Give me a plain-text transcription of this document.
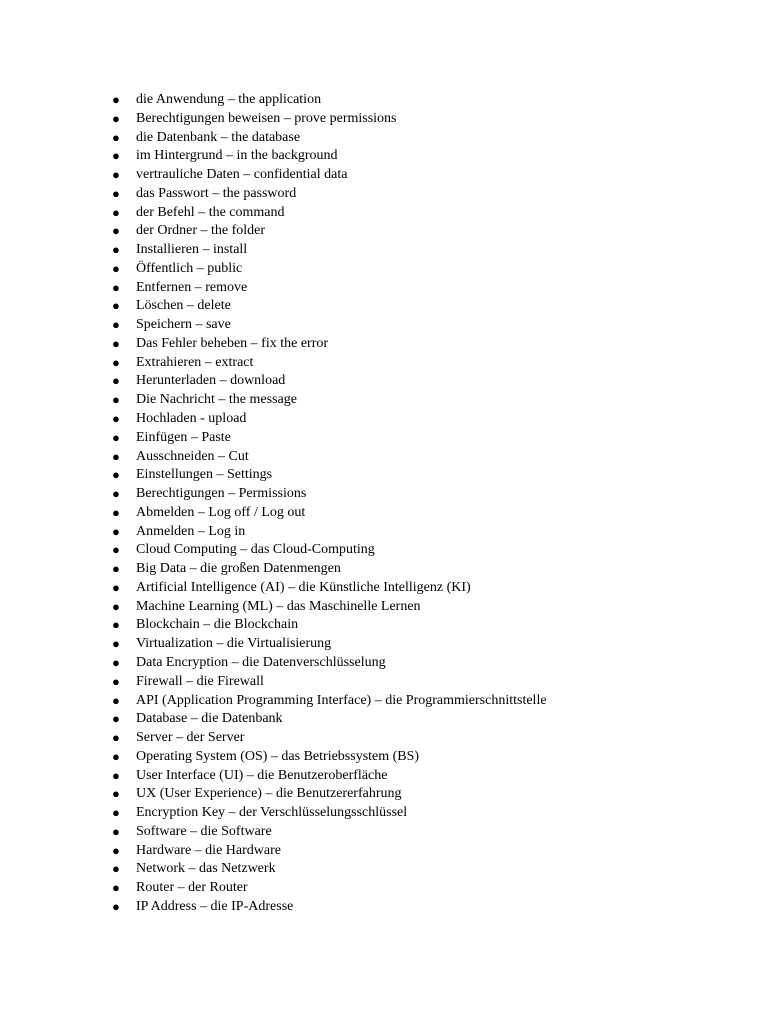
● die Anwendung – the application
● Berechtigungen beweisen – prove permissions
● die Datenbank – the database
● im Hintergrund – in the background
● vertrauliche Daten – confidential data
● das Passwort – the password
● der Befehl – the command
● der Ordner – the folder
● Installieren – install
● Öffentlich – public
● Entfernen – remove
● Löschen – delete
● Speichern – save
● Das Fehler beheben – fix the error
● Extrahieren – extract
● Herunterladen – download
● Die Nachricht – the message
● Hochladen - upload
● Einfügen – Paste
● Ausschneiden – Cut
● Einstellungen – Settings
● Berechtigungen – Permissions
● Abmelden – Log off / Log out
● Anmelden – Log in
● Cloud Computing – das Cloud-Computing
● Big Data – die großen Datenmengen
● Artificial Intelligence (AI) – die Künstliche Intelligenz (KI)
● Machine Learning (ML) – das Maschinelle Lernen
● Blockchain – die Blockchain
● Virtualization – die Virtualisierung
● Data Encryption – die Datenverschlüsselung
● Firewall – die Firewall
● API (Application Programming Interface) – die Programmierschnittstelle
● Database – die Datenbank
● Server – der Server
● Operating System (OS) – das Betriebssystem (BS)
● User Interface (UI) – die Benutzeroberfläche
● UX (User Experience) – die Benutzererfahrung
● Encryption Key – der Verschlüsselungsschlüssel
● Software – die Software
● Hardware – die Hardware
● Network – das Netzwerk
● Router – der Router
● IP Address – die IP-Adresse
